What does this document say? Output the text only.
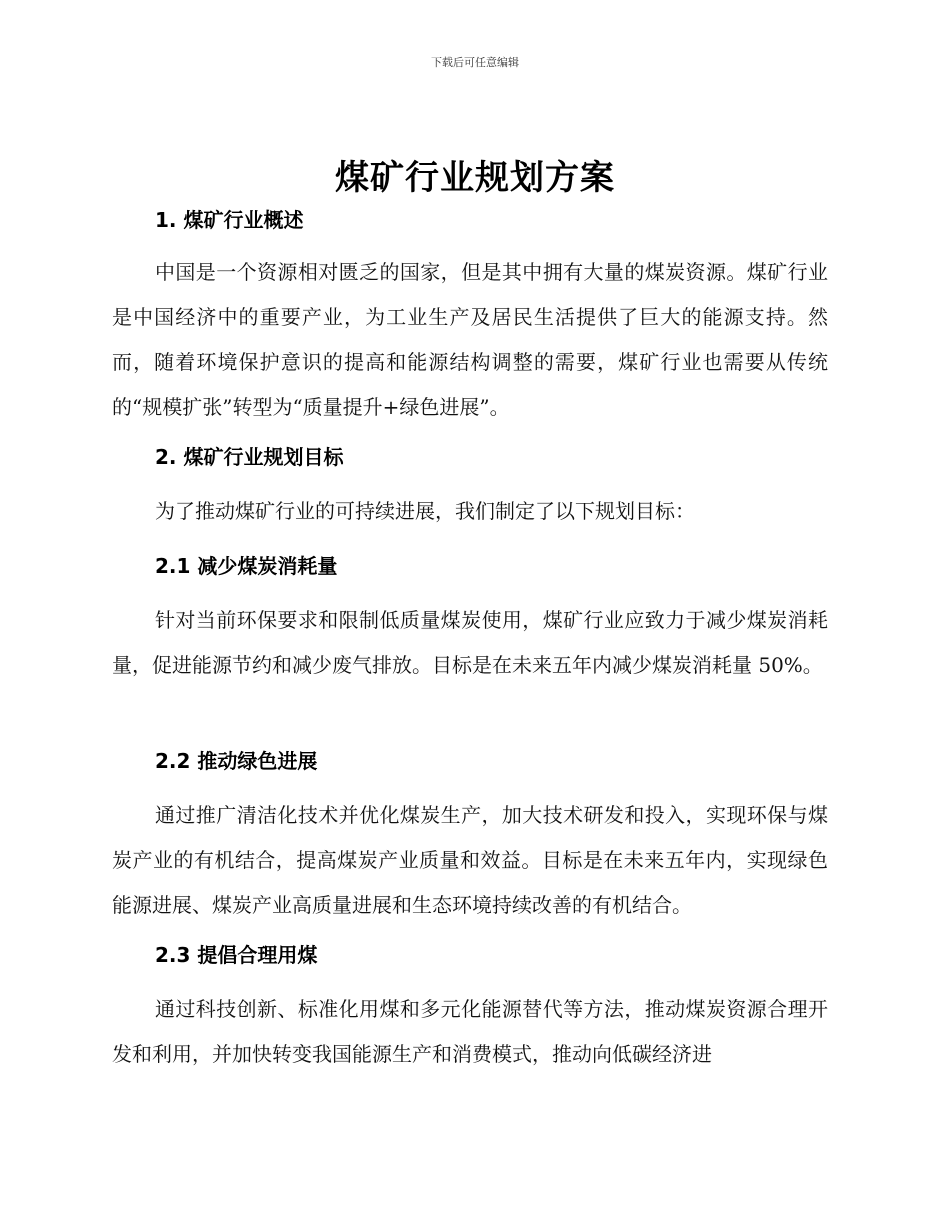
下载后可任意编辑
煤矿行业规划方案
1. 煤矿行业概述

中国是一个资源相对匮乏的国家，但是其中拥有大量的煤炭资源。煤矿行业是中国经济中的重要产业，为工业生产及居民生活提供了巨大的能源支持。然而，随着环境保护意识的提高和能源结构调整的需要，煤矿行业也需要从传统的“规模扩张”转型为“质量提升+绿色进展”。

2. 煤矿行业规划目标

为了推动煤矿行业的可持续进展，我们制定了以下规划目标：

2.1 减少煤炭消耗量

针对当前环保要求和限制低质量煤炭使用，煤矿行业应致力于减少煤炭消耗量，促进能源节约和减少废气排放。目标是在未来五年内减少煤炭消耗量 50%。

2.2 推动绿色进展

通过推广清洁化技术并优化煤炭生产，加大技术研发和投入，实现环保与煤炭产业的有机结合，提高煤炭产业质量和效益。目标是在未来五年内，实现绿色能源进展、煤炭产业高质量进展和生态环境持续改善的有机结合。

2.3 提倡合理用煤

通过科技创新、标准化用煤和多元化能源替代等方法，推动煤炭资源合理开发和利用，并加快转变我国能源生产和消费模式，推动向低碳经济进
